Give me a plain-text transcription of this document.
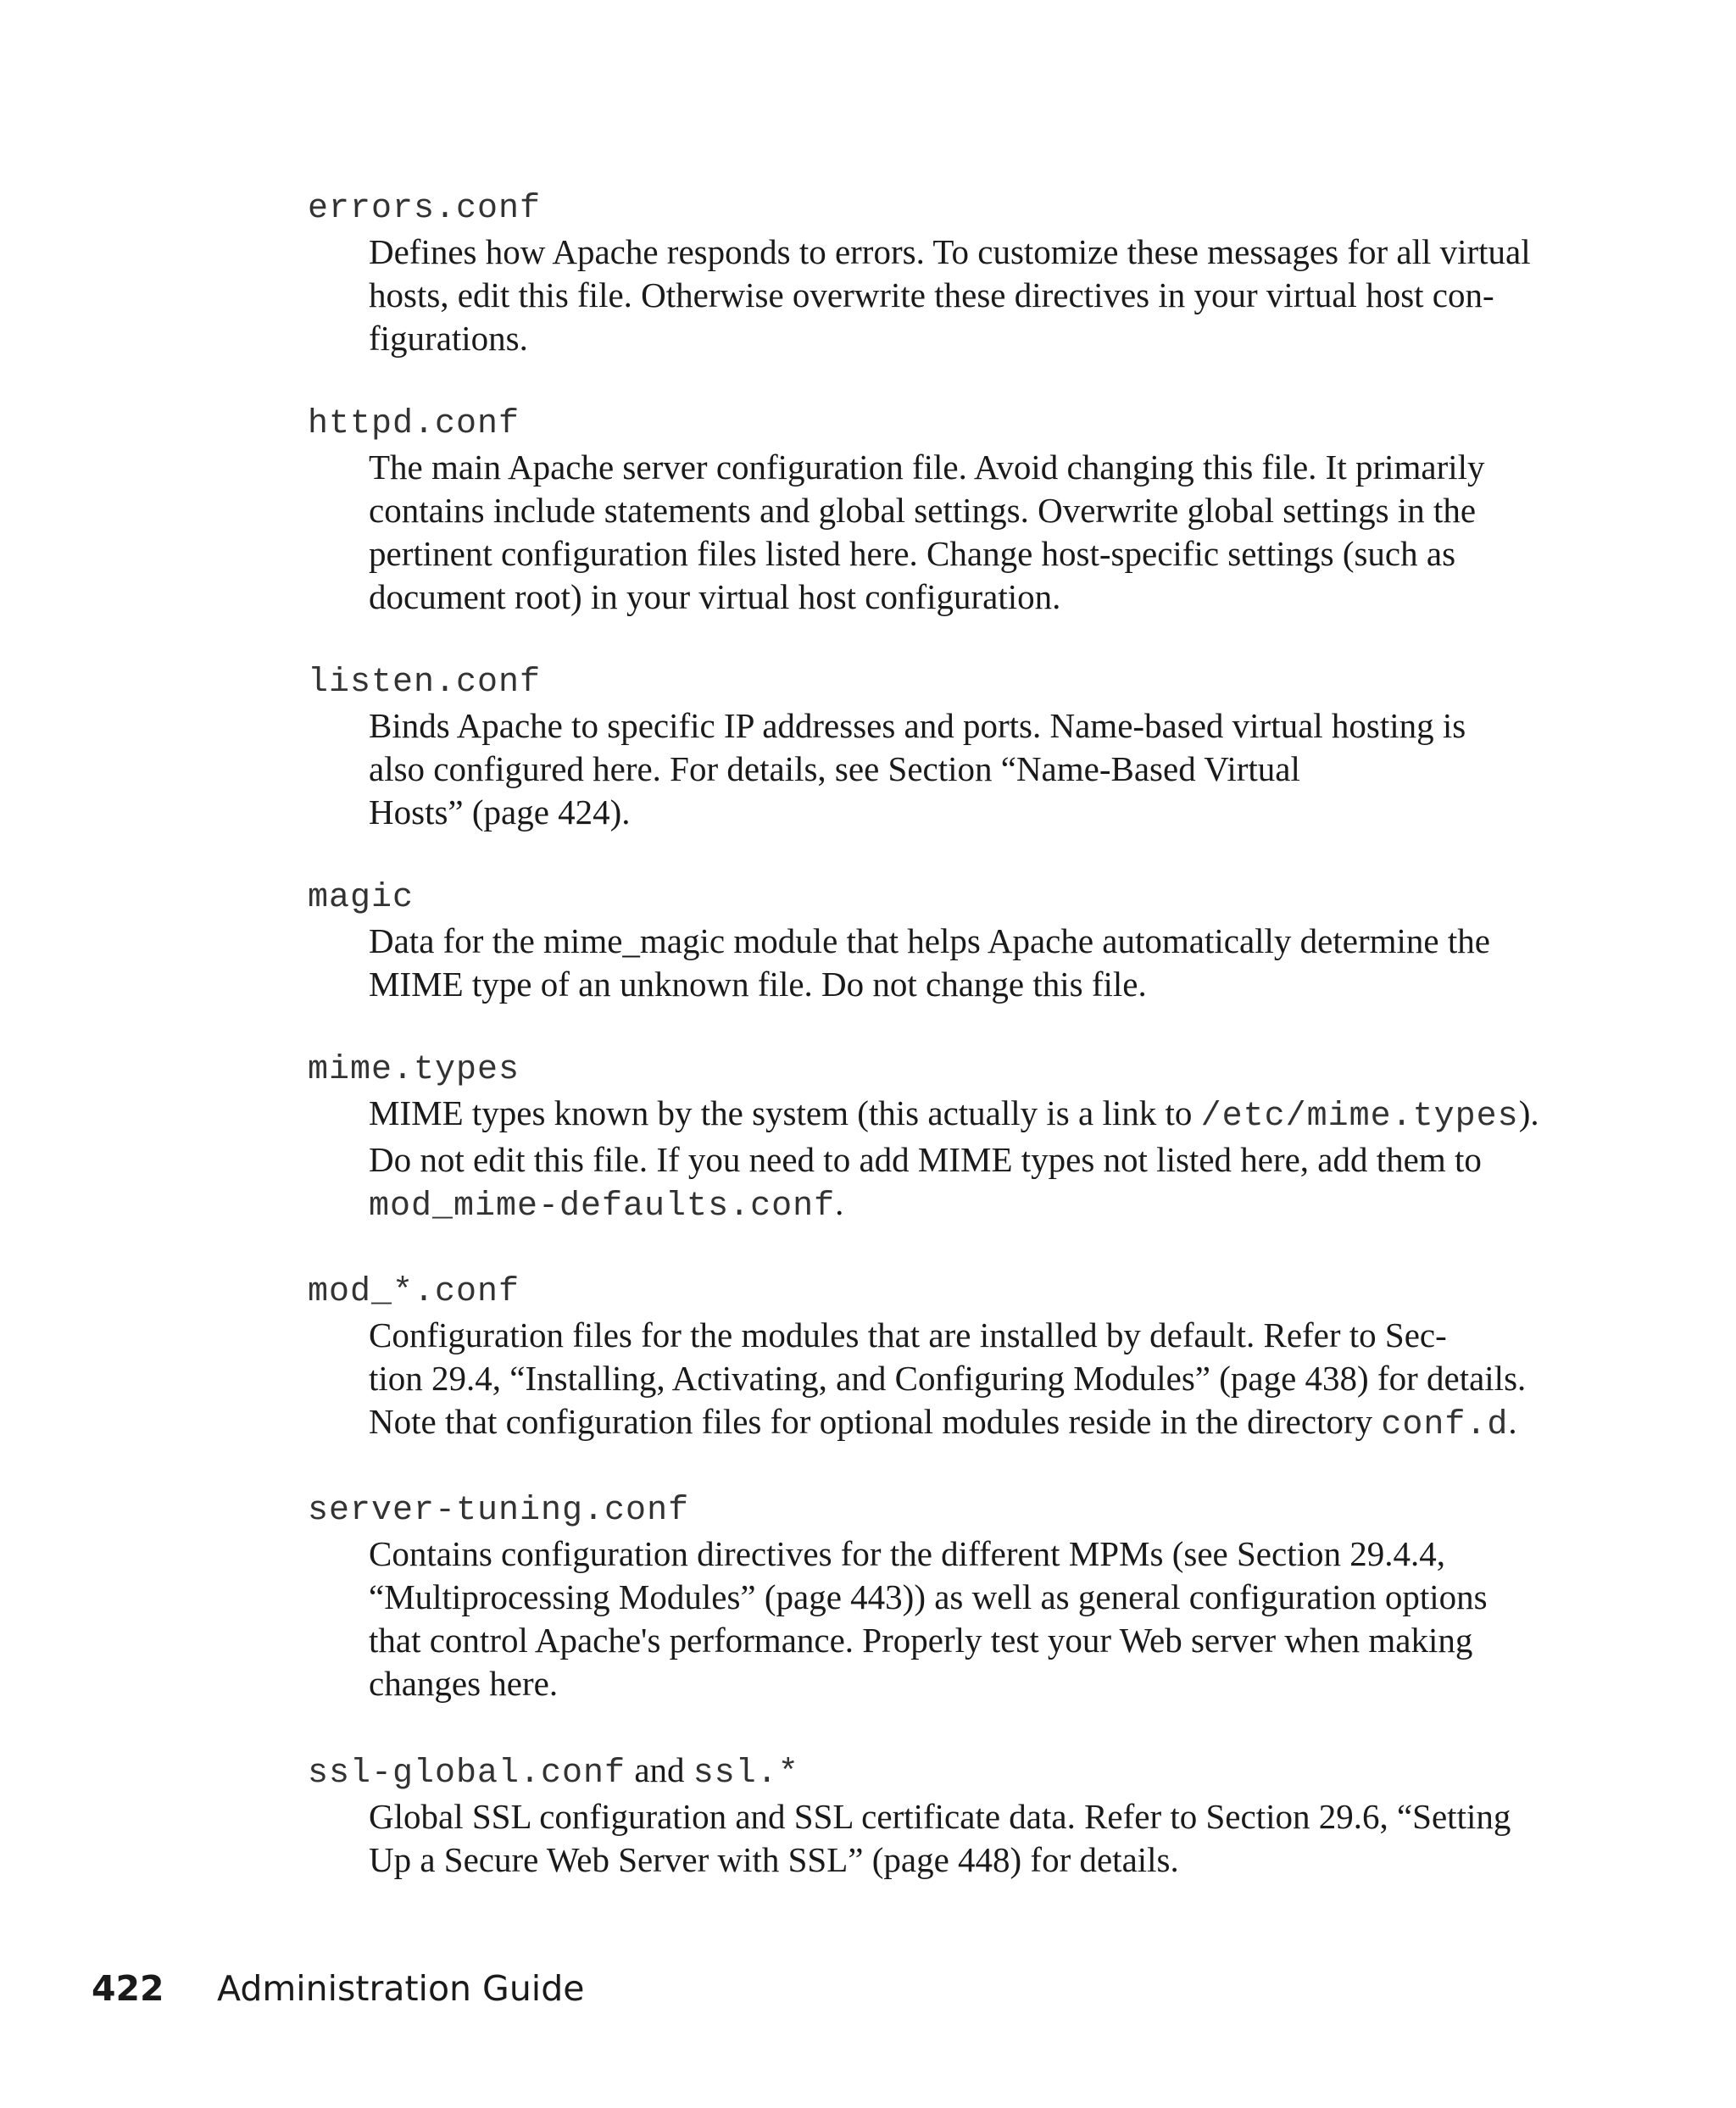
errors.conf
Defines how Apache responds to errors. To customize these messages for all virtual
hosts, edit this file. Otherwise overwrite these directives in your virtual host con-
figurations.
httpd.conf
The main Apache server configuration file. Avoid changing this file. It primarily
contains include statements and global settings. Overwrite global settings in the
pertinent configuration files listed here. Change host-specific settings (such as
document root) in your virtual host configuration.
listen.conf
Binds Apache to specific IP addresses and ports. Name-based virtual hosting is
also configured here. For details, see Section “Name-Based Virtual
Hosts” (page 424).
magic
Data for the mime_magic module that helps Apache automatically determine the
MIME type of an unknown file. Do not change this file.
mime.types
MIME types known by the system (this actually is a link to /etc/mime.types).
Do not edit this file. If you need to add MIME types not listed here, add them to
mod_mime-defaults.conf.
mod_*.conf
Configuration files for the modules that are installed by default. Refer to Sec-
tion 29.4, “Installing, Activating, and Configuring Modules” (page 438) for details.
Note that configuration files for optional modules reside in the directory conf.d.
server-tuning.conf
Contains configuration directives for the different MPMs (see Section 29.4.4,
“Multiprocessing Modules” (page 443)) as well as general configuration options
that control Apache's performance. Properly test your Web server when making
changes here.
ssl-global.conf and ssl.*
Global SSL configuration and SSL certificate data. Refer to Section 29.6, “Setting
Up a Secure Web Server with SSL” (page 448) for details.
422 Administration Guide
